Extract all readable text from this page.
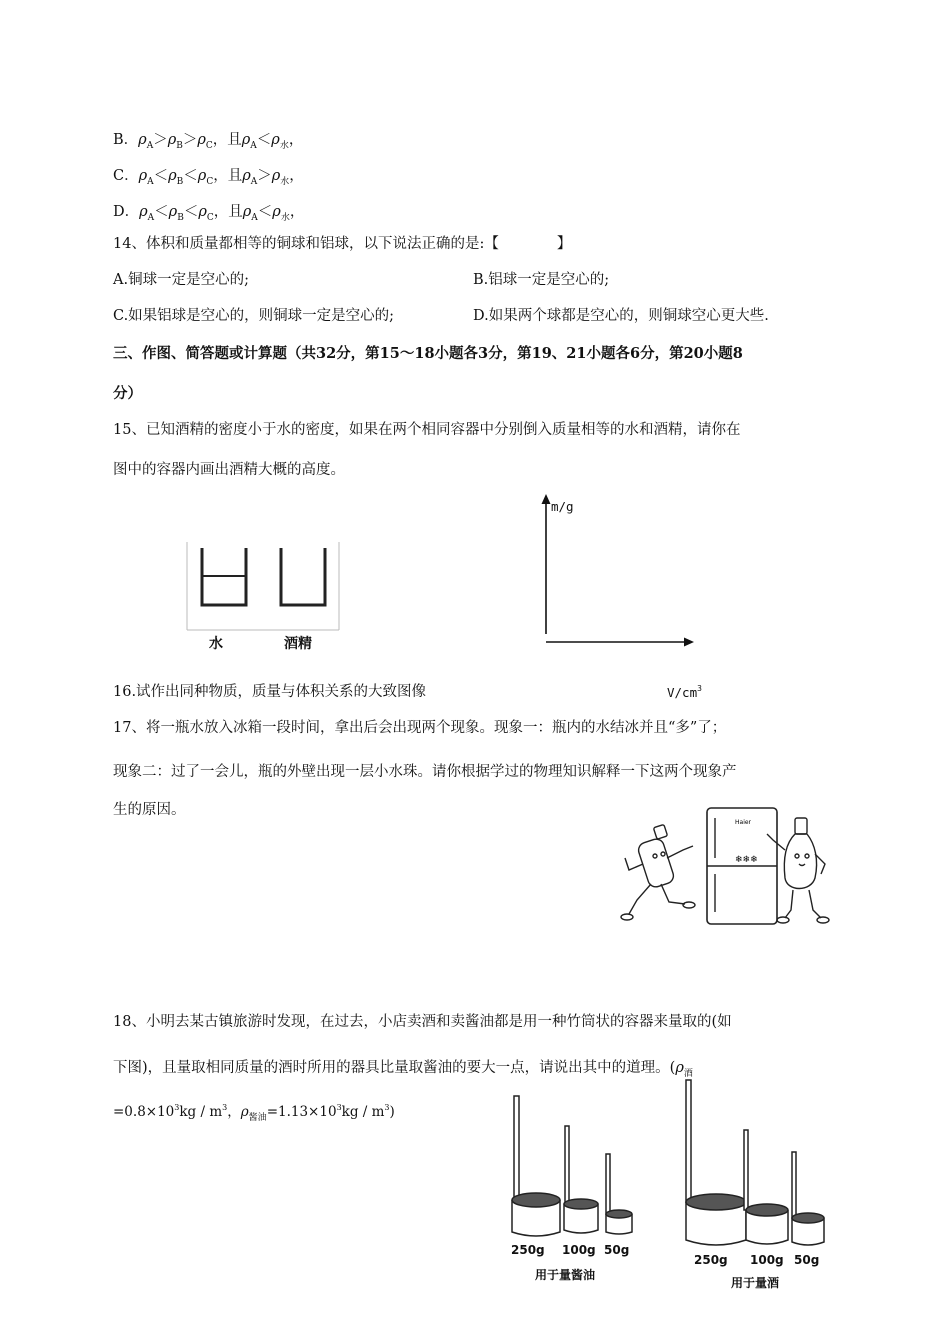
B．$\rho_A>\rho_B>\rho_C$，且$\rho_A<\rho_水$，
C．$\rho_A<\rho_B<\rho_C$，且$\rho_A>\rho_水$，
D．$\rho_A<\rho_B<\rho_C$，且$\rho_A<\rho_水$，
14、体积和质量都相等的铜球和铝球，以下说法正确的是:【　　　　】
A.铜球一定是空心的;	B.铝球一定是空心的;
C.如果铝球是空心的，则铜球一定是空心的;	D.如果两个球都是空心的，则铜球空心更大些.
三、作图、简答题或计算题（共32分，第15～18小题各3分，第19、21小题各6分，第20小题8
分）
15、已知酒精的密度小于水的密度，如果在两个相同容器中分别倒入质量相等的水和酒精，请你在
图中的容器内画出酒精大概的高度。
水	酒精
m/g
16.试作出同种物质，质量与体积关系的大致图像	$V/cm^3$
17、将一瓶水放入冰箱一段时间，拿出后会出现两个现象。现象一：瓶内的水结冰并且“多”了；
现象二：过了一会儿，瓶的外壁出现一层小水珠。请你根据学过的物理知识解释一下这两个现象产
生的原因。
Haier
❄❄❄
18、小明去某古镇旅游时发现，在过去，小店卖酒和卖酱油都是用一种竹筒状的容器来量取的(如
下图)，且量取相同质量的酒时所用的器具比量取酱油的要大一点，请说出其中的道理。($\rho_酒$
$=0.8\times 10^3kg / m^3$，$\rho_{酱油}=1.13\times 10^3kg / m^3$)
250g 100g 50g
用于量酱油
250g 100g 50g
用于量酒
